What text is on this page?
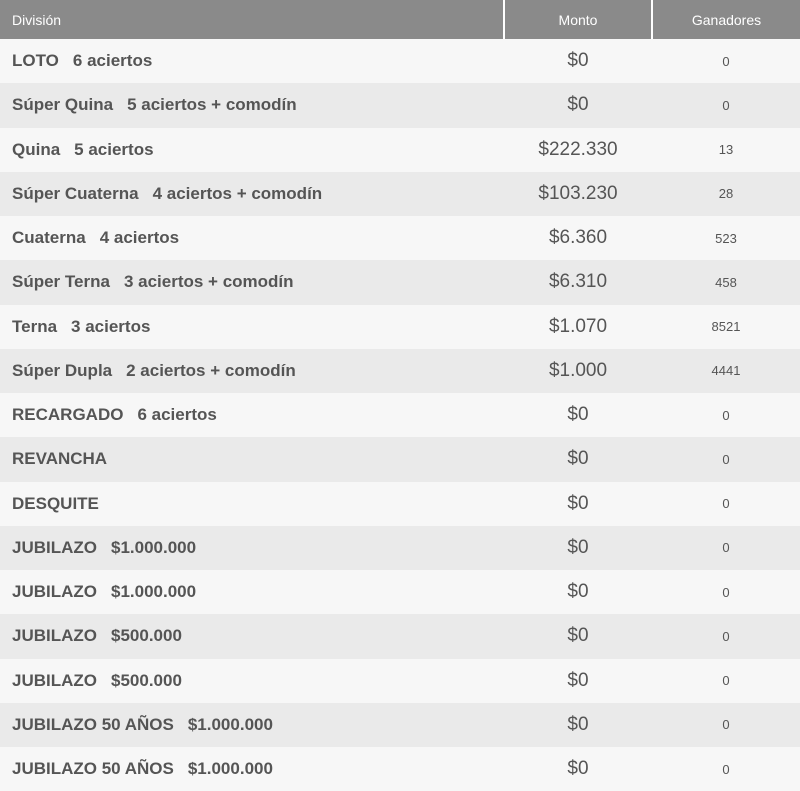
División	Monto	Ganadores
LOTO 6 aciertos	$0	0
Súper Quina 5 aciertos + comodín	$0	0
Quina 5 aciertos	$222.330	13
Súper Cuaterna 4 aciertos + comodín	$103.230	28
Cuaterna 4 aciertos	$6.360	523
Súper Terna 3 aciertos + comodín	$6.310	458
Terna 3 aciertos	$1.070	8521
Súper Dupla 2 aciertos + comodín	$1.000	4441
RECARGADO 6 aciertos	$0	0
REVANCHA	$0	0
DESQUITE	$0	0
JUBILAZO $1.000.000	$0	0
JUBILAZO $1.000.000	$0	0
JUBILAZO $500.000	$0	0
JUBILAZO $500.000	$0	0
JUBILAZO 50 AÑOS $1.000.000	$0	0
JUBILAZO 50 AÑOS $1.000.000	$0	0
